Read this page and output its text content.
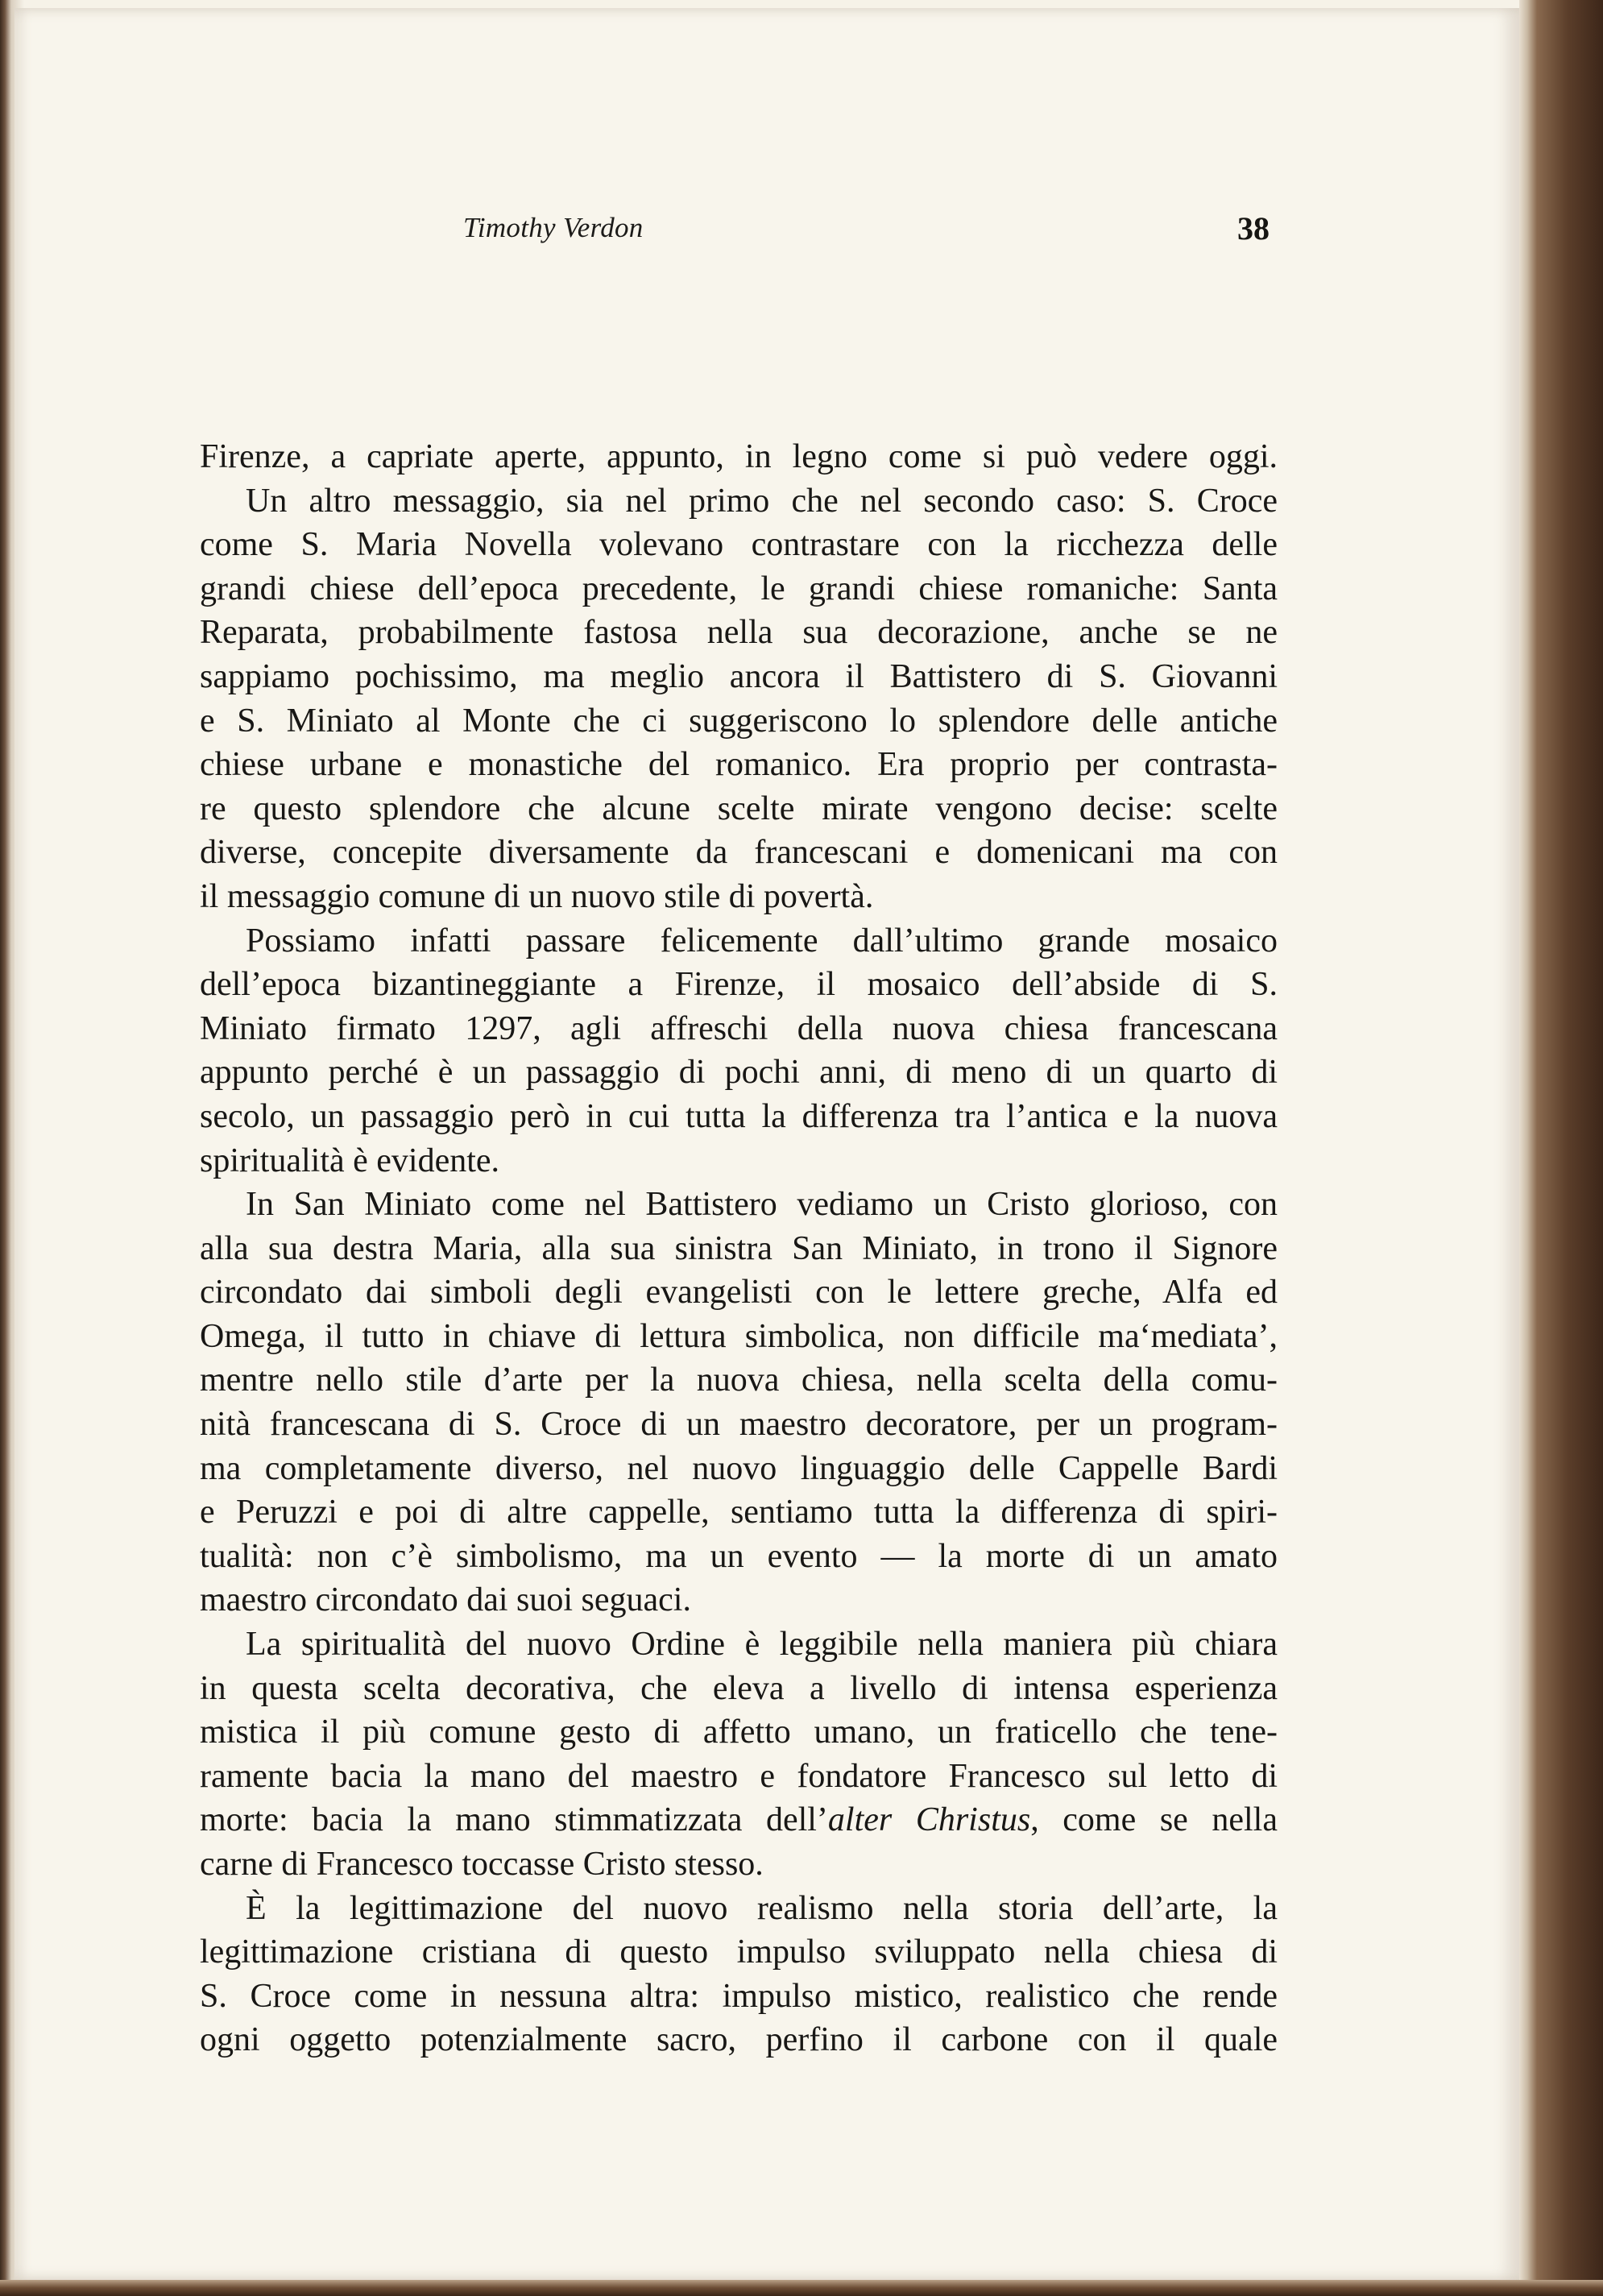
Timothy Verdon	38
Firenze, a capriate aperte, appunto, in legno come si può vedere oggi.
Un altro messaggio, sia nel primo che nel secondo caso: S. Croce
come S. Maria Novella volevano contrastare con la ricchezza delle
grandi chiese dell’epoca precedente, le grandi chiese romaniche: Santa
Reparata, probabilmente fastosa nella sua decorazione, anche se ne
sappiamo pochissimo, ma meglio ancora il Battistero di S. Giovanni
e S. Miniato al Monte che ci suggeriscono lo splendore delle antiche
chiese urbane e monastiche del romanico. Era proprio per contrasta-
re questo splendore che alcune scelte mirate vengono decise: scelte
diverse, concepite diversamente da francescani e domenicani ma con
il messaggio comune di un nuovo stile di povertà.
Possiamo infatti passare felicemente dall’ultimo grande mosaico
dell’epoca bizantineggiante a Firenze, il mosaico dell’abside di S.
Miniato firmato 1297, agli affreschi della nuova chiesa francescana
appunto perché è un passaggio di pochi anni, di meno di un quarto di
secolo, un passaggio però in cui tutta la differenza tra l’antica e la nuova
spiritualità è evidente.
In San Miniato come nel Battistero vediamo un Cristo glorioso, con
alla sua destra Maria, alla sua sinistra San Miniato, in trono il Signore
circondato dai simboli degli evangelisti con le lettere greche, Alfa ed
Omega, il tutto in chiave di lettura simbolica, non difficile ma‘mediata’,
mentre nello stile d’arte per la nuova chiesa, nella scelta della comu-
nità francescana di S. Croce di un maestro decoratore, per un program-
ma completamente diverso, nel nuovo linguaggio delle Cappelle Bardi
e Peruzzi e poi di altre cappelle, sentiamo tutta la differenza di spiri-
tualità: non c’è simbolismo, ma un evento — la morte di un amato
maestro circondato dai suoi seguaci.
La spiritualità del nuovo Ordine è leggibile nella maniera più chiara
in questa scelta decorativa, che eleva a livello di intensa esperienza
mistica il più comune gesto di affetto umano, un fraticello che tene-
ramente bacia la mano del maestro e fondatore Francesco sul letto di
morte: bacia la mano stimmatizzata dell’alter Christus, come se nella
carne di Francesco toccasse Cristo stesso.
È la legittimazione del nuovo realismo nella storia dell’arte, la
legittimazione cristiana di questo impulso sviluppato nella chiesa di
S. Croce come in nessuna altra: impulso mistico, realistico che rende
ogni oggetto potenzialmente sacro, perfino il carbone con il quale
